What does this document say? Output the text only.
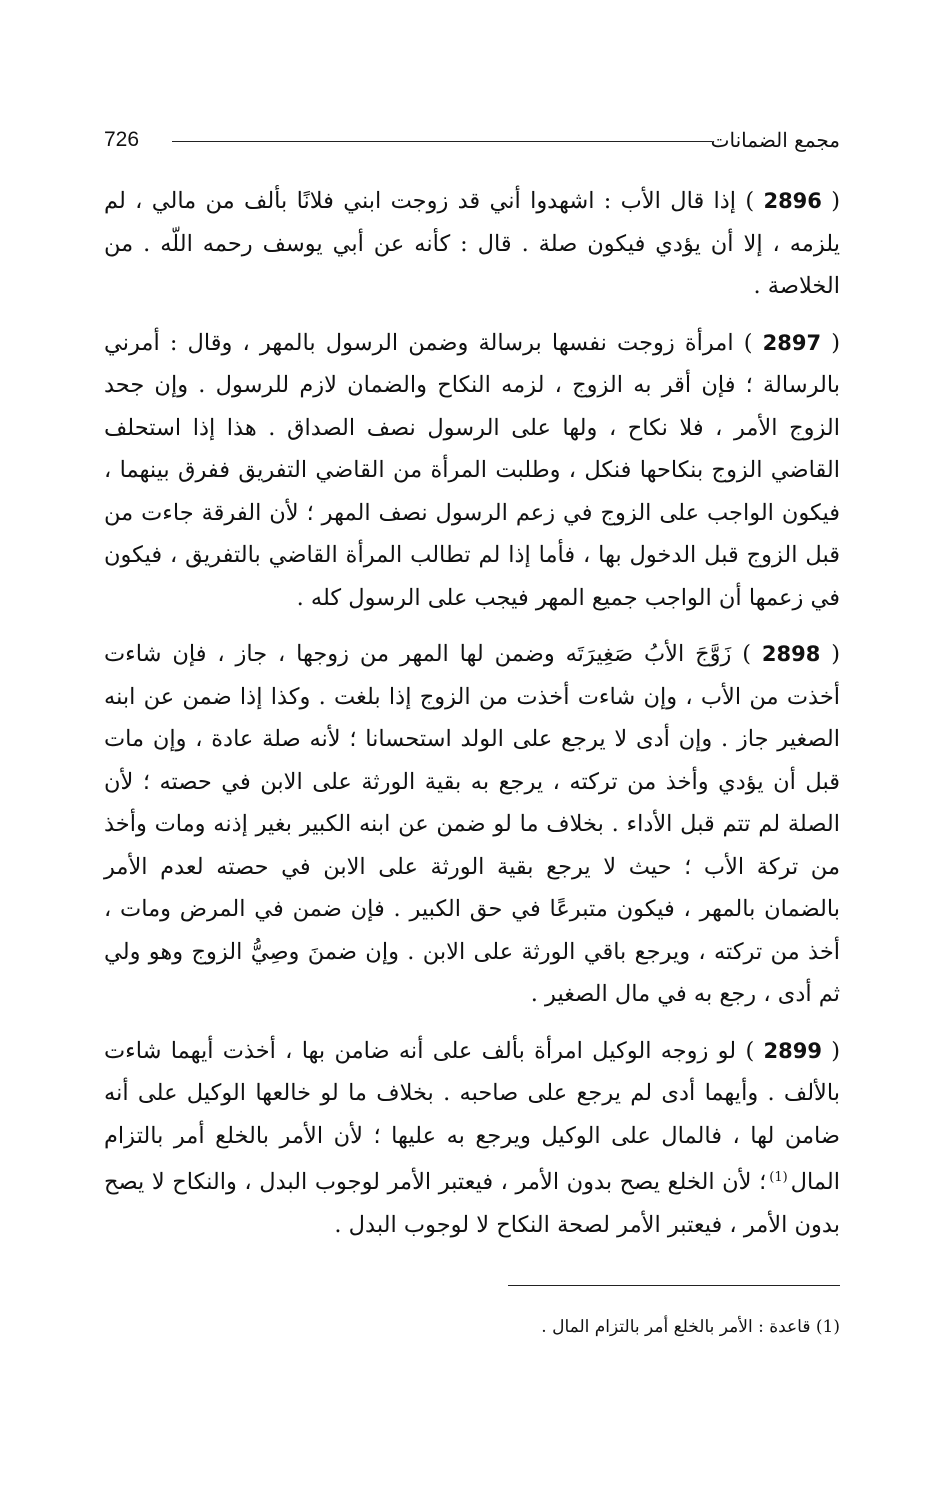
726	مجمع الضمانات

( 2896 ) إذا قال الأب : اشهدوا أني قد زوجت ابني فلانًا بألف من مالي ، لم يلزمه ، إلا أن يؤدي فيكون صلة . قال : كأنه عن أبي يوسف رحمه اللّه . من الخلاصة .

( 2897 ) امرأة زوجت نفسها برسالة وضمن الرسول بالمهر ، وقال : أمرني بالرسالة ؛ فإن أقر به الزوج ، لزمه النكاح والضمان لازم للرسول . وإن جحد الزوج الأمر ، فلا نكاح ، ولها على الرسول نصف الصداق . هذا إذا استحلف القاضي الزوج بنكاحها فنكل ، وطلبت المرأة من القاضي التفريق ففرق بينهما ، فيكون الواجب على الزوج في زعم الرسول نصف المهر ؛ لأن الفرقة جاءت من قبل الزوج قبل الدخول بها ، فأما إذا لم تطالب المرأة القاضي بالتفريق ، فيكون في زعمها أن الواجب جميع المهر فيجب على الرسول كله .

( 2898 ) زَوَّجَ الأبُ صَغِيرَتَه وضمن لها المهر من زوجها ، جاز ، فإن شاءت أخذت من الأب ، وإن شاءت أخذت من الزوج إذا بلغت . وكذا إذا ضمن عن ابنه الصغير جاز . وإن أدى لا يرجع على الولد استحسانا ؛ لأنه صلة عادة ، وإن مات قبل أن يؤدي وأخذ من تركته ، يرجع به بقية الورثة على الابن في حصته ؛ لأن الصلة لم تتم قبل الأداء . بخلاف ما لو ضمن عن ابنه الكبير بغير إذنه ومات وأخذ من تركة الأب ؛ حيث لا يرجع بقية الورثة على الابن في حصته لعدم الأمر بالضمان بالمهر ، فيكون متبرعًا في حق الكبير . فإن ضمن في المرض ومات ، أخذ من تركته ، ويرجع باقي الورثة على الابن . وإن ضمنَ وصِيُّ الزوج وهو ولي ثم أدى ، رجع به في مال الصغير .

( 2899 ) لو زوجه الوكيل امرأة بألف على أنه ضامن بها ، أخذت أيهما شاءت بالألف . وأيهما أدى لم يرجع على صاحبه . بخلاف ما لو خالعها الوكيل على أنه ضامن لها ، فالمال على الوكيل ويرجع به عليها ؛ لأن الأمر بالخلع أمر بالتزام المال$^{(1)}$؛ لأن الخلع يصح بدون الأمر ، فيعتبر الأمر لوجوب البدل ، والنكاح لا يصح بدون الأمر ، فيعتبر الأمر لصحة النكاح لا لوجوب البدل .

(1) قاعدة : الأمر بالخلع أمر بالتزام المال .
